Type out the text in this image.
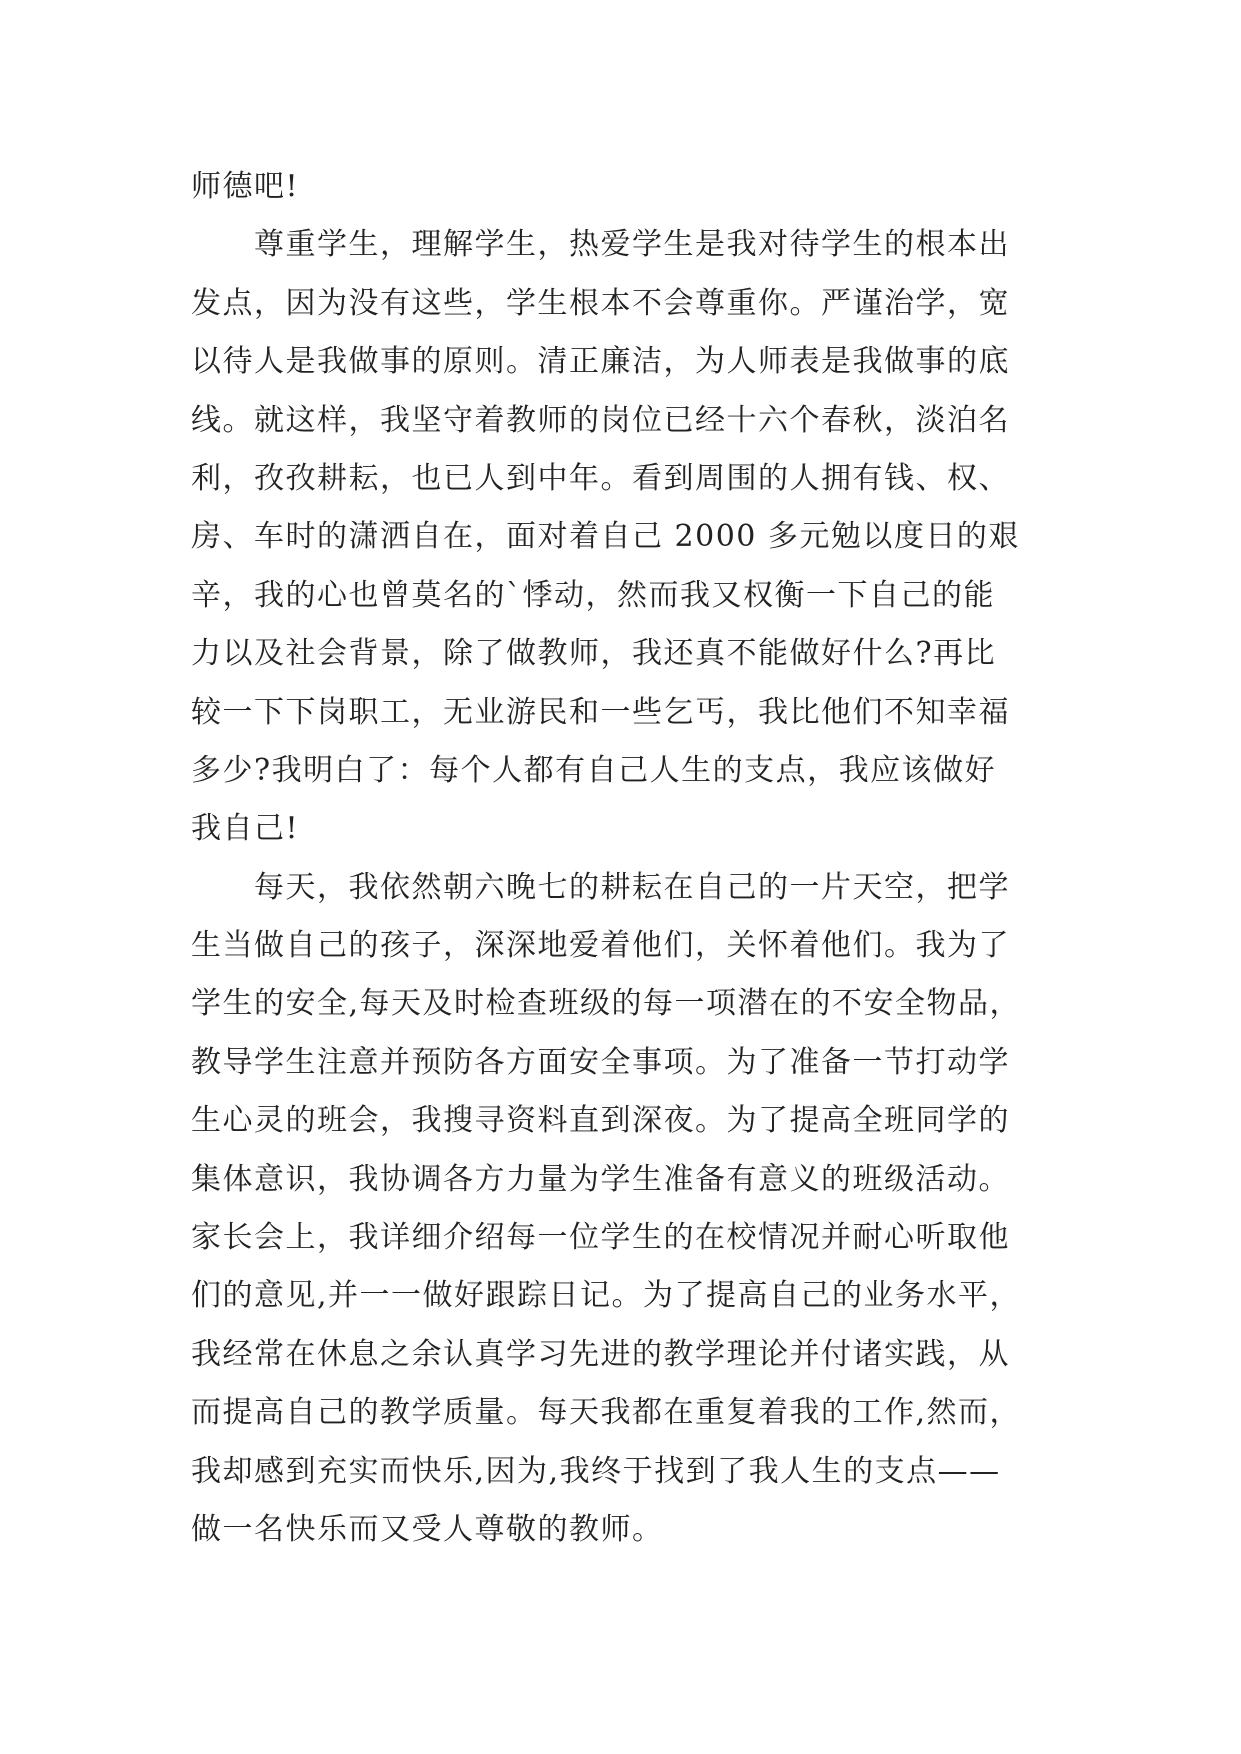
师德吧!
　　尊重学生，理解学生，热爱学生是我对待学生的根本出
发点，因为没有这些，学生根本不会尊重你。严谨治学，宽
以待人是我做事的原则。清正廉洁，为人师表是我做事的底
线。就这样，我坚守着教师的岗位已经十六个春秋，淡泊名
利，孜孜耕耘，也已人到中年。看到周围的人拥有钱、权、
房、车时的潇洒自在，面对着自己 2000 多元勉以度日的艰
辛，我的心也曾莫名的`悸动，然而我又权衡一下自己的能
力以及社会背景，除了做教师，我还真不能做好什么?再比
较一下下岗职工，无业游民和一些乞丐，我比他们不知幸福
多少?我明白了：每个人都有自己人生的支点，我应该做好
我自己!
　　每天，我依然朝六晚七的耕耘在自己的一片天空，把学
生当做自己的孩子，深深地爱着他们，关怀着他们。我为了
学生的安全,每天及时检查班级的每一项潜在的不安全物品，
教导学生注意并预防各方面安全事项。为了准备一节打动学
生心灵的班会，我搜寻资料直到深夜。为了提高全班同学的
集体意识，我协调各方力量为学生准备有意义的班级活动。
家长会上，我详细介绍每一位学生的在校情况并耐心听取他
们的意见,并一一做好跟踪日记。为了提高自己的业务水平，
我经常在休息之余认真学习先进的教学理论并付诸实践，从
而提高自己的教学质量。每天我都在重复着我的工作,然而，
我却感到充实而快乐,因为,我终于找到了我人生的支点——
做一名快乐而又受人尊敬的教师。
